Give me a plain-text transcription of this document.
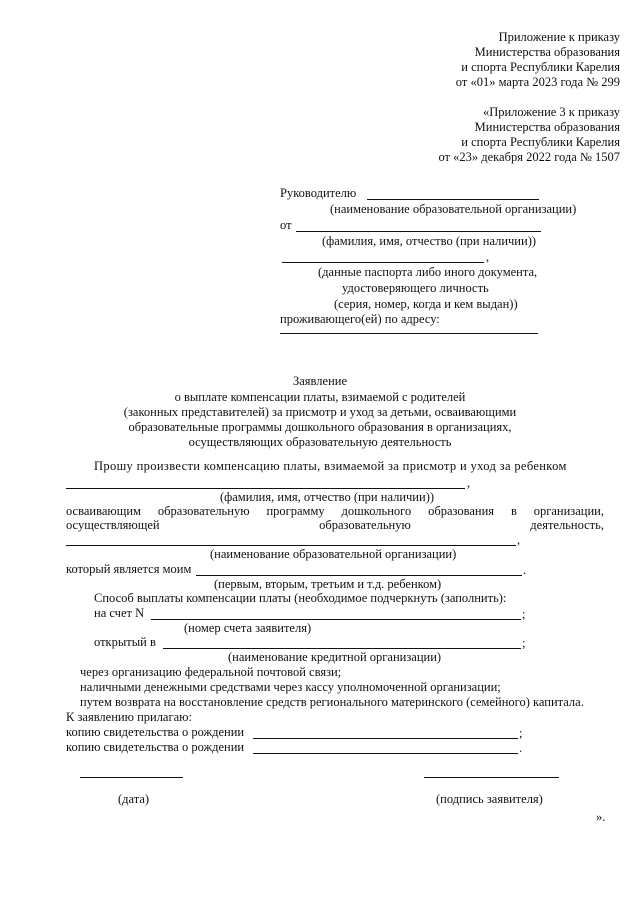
Приложение к приказу
Министерства образования
и спорта Республики Карелия
от «01» марта 2023 года № 299
«Приложение 3 к приказу
Министерства образования
и спорта Республики Карелия
от «23» декабря 2022 года № 1507
Руководителю
(наименование образовательной организации)
от
(фамилия, имя, отчество (при наличии))
,
(данные паспорта либо иного документа,
удостоверяющего личность
(серия, номер, когда и кем выдан))
проживающего(ей) по адресу:
Заявление
о выплате компенсации платы, взимаемой с родителей
(законных представителей) за присмотр и уход за детьми, осваивающими
образовательные программы дошкольного образования в организациях,
осуществляющих образовательную деятельность
Прошу произвести компенсацию платы, взимаемой за присмотр и уход за ребенком
,
(фамилия, имя, отчество (при наличии))
осваивающим образовательную программу дошкольного образования в организации,
осуществляющей	образовательную	деятельность,
,
(наименование образовательной организации)
который является моим	.
(первым, вторым, третьим и т.д. ребенком)
Способ выплаты компенсации платы (необходимое подчеркнуть (заполнить):
на счет N	;
(номер счета заявителя)
открытый в	;
(наименование кредитной организации)
через организацию федеральной почтовой связи;
наличными денежными средствами через кассу уполномоченной организации;
путем возврата на восстановление средств регионального материнского (семейного) капитала.
К заявлению прилагаю:
копию свидетельства о рождении	;
копию свидетельства о рождении	.
(дата)	(подпись заявителя)
».
